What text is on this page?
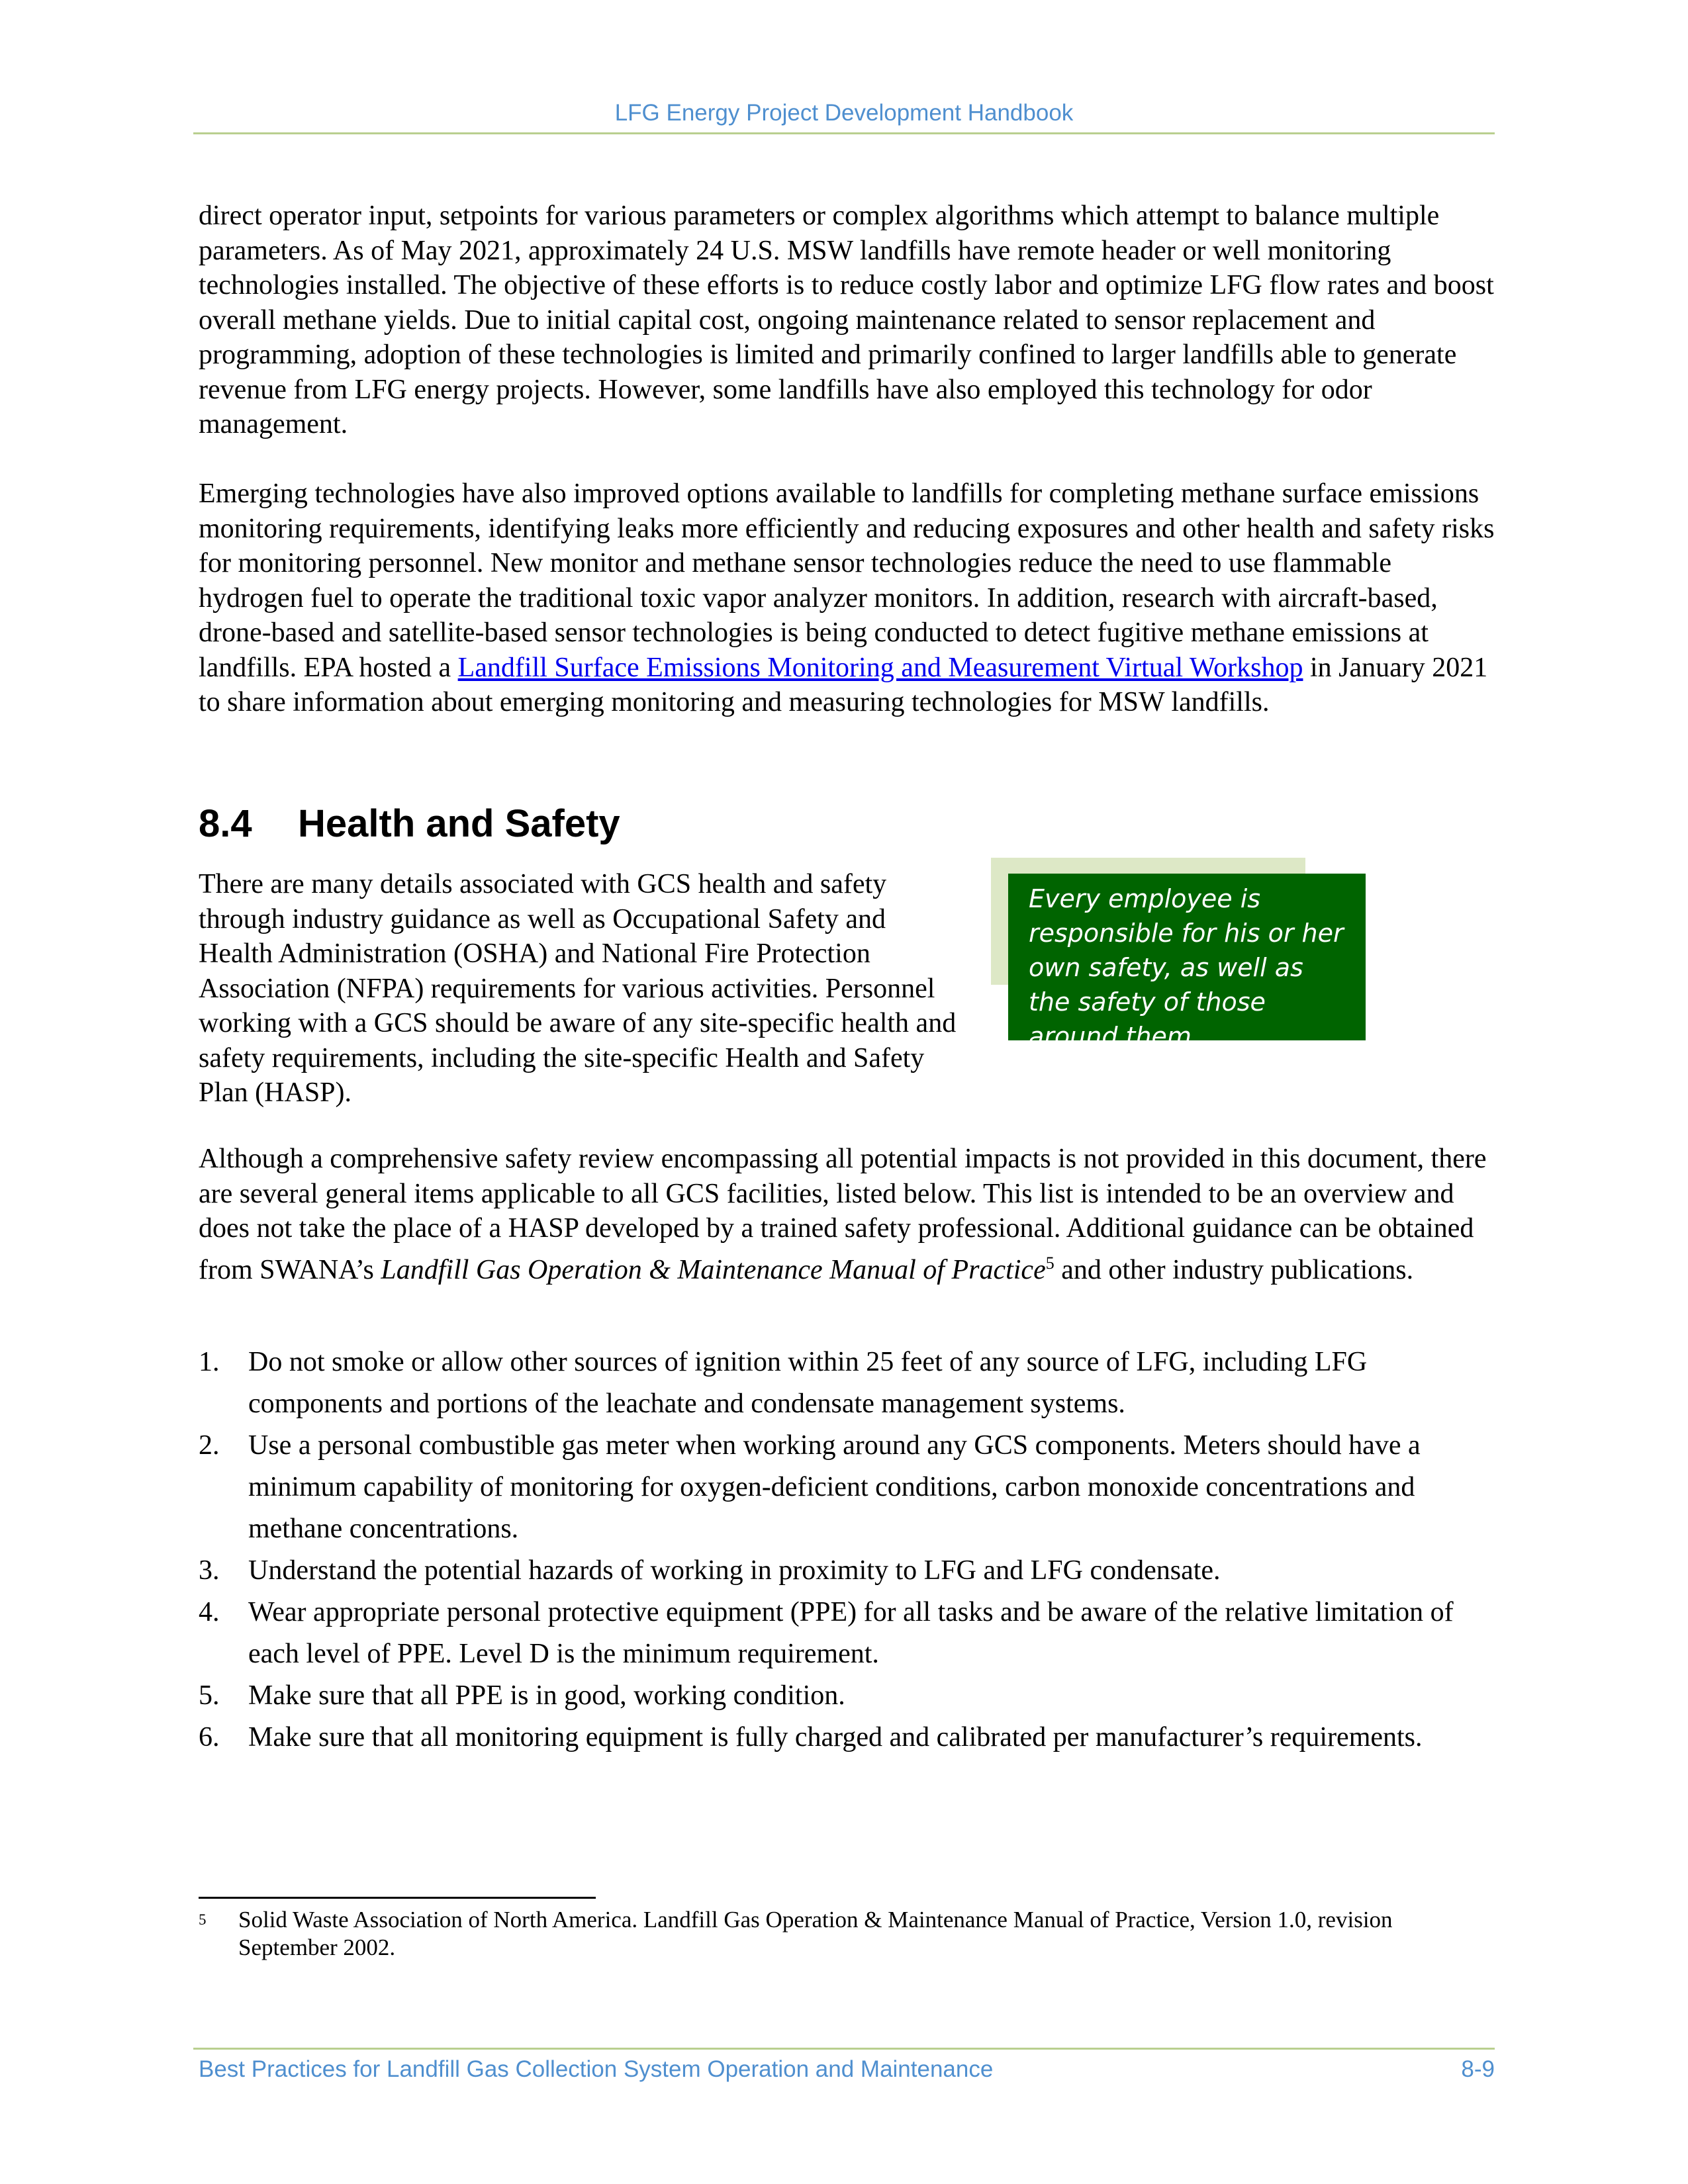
LFG Energy Project Development Handbook

direct operator input, setpoints for various parameters or complex algorithms which attempt to balance multiple parameters. As of May 2021, approximately 24 U.S. MSW landfills have remote header or well monitoring technologies installed. The objective of these efforts is to reduce costly labor and optimize LFG flow rates and boost overall methane yields. Due to initial capital cost, ongoing maintenance related to sensor replacement and programming, adoption of these technologies is limited and primarily confined to larger landfills able to generate revenue from LFG energy projects. However, some landfills have also employed this technology for odor management.

Emerging technologies have also improved options available to landfills for completing methane surface emissions monitoring requirements, identifying leaks more efficiently and reducing exposures and other health and safety risks for monitoring personnel. New monitor and methane sensor technologies reduce the need to use flammable hydrogen fuel to operate the traditional toxic vapor analyzer monitors. In addition, research with aircraft-based, drone-based and satellite-based sensor technologies is being conducted to detect fugitive methane emissions at landfills. EPA hosted a Landfill Surface Emissions Monitoring and Measurement Virtual Workshop in January 2021 to share information about emerging monitoring and measuring technologies for MSW landfills.

8.4 Health and Safety

There are many details associated with GCS health and safety through industry guidance as well as Occupational Safety and Health Administration (OSHA) and National Fire Protection Association (NFPA) requirements for various activities. Personnel working with a GCS should be aware of any site-specific health and safety requirements, including the site-specific Health and Safety Plan (HASP).

Every employee is responsible for his or her own safety, as well as the safety of those around them.

Although a comprehensive safety review encompassing all potential impacts is not provided in this document, there are several general items applicable to all GCS facilities, listed below. This list is intended to be an overview and does not take the place of a HASP developed by a trained safety professional. Additional guidance can be obtained from SWANA’s Landfill Gas Operation & Maintenance Manual of Practice$^5$ and other industry publications.

1. Do not smoke or allow other sources of ignition within 25 feet of any source of LFG, including LFG components and portions of the leachate and condensate management systems.
2. Use a personal combustible gas meter when working around any GCS components. Meters should have a minimum capability of monitoring for oxygen-deficient conditions, carbon monoxide concentrations and methane concentrations.
3. Understand the potential hazards of working in proximity to LFG and LFG condensate.
4. Wear appropriate personal protective equipment (PPE) for all tasks and be aware of the relative limitation of each level of PPE. Level D is the minimum requirement.
5. Make sure that all PPE is in good, working condition.
6. Make sure that all monitoring equipment is fully charged and calibrated per manufacturer’s requirements.
5	Solid Waste Association of North America. Landfill Gas Operation & Maintenance Manual of Practice, Version 1.0, revision September 2002.
Best Practices for Landfill Gas Collection System Operation and Maintenance	8-9
